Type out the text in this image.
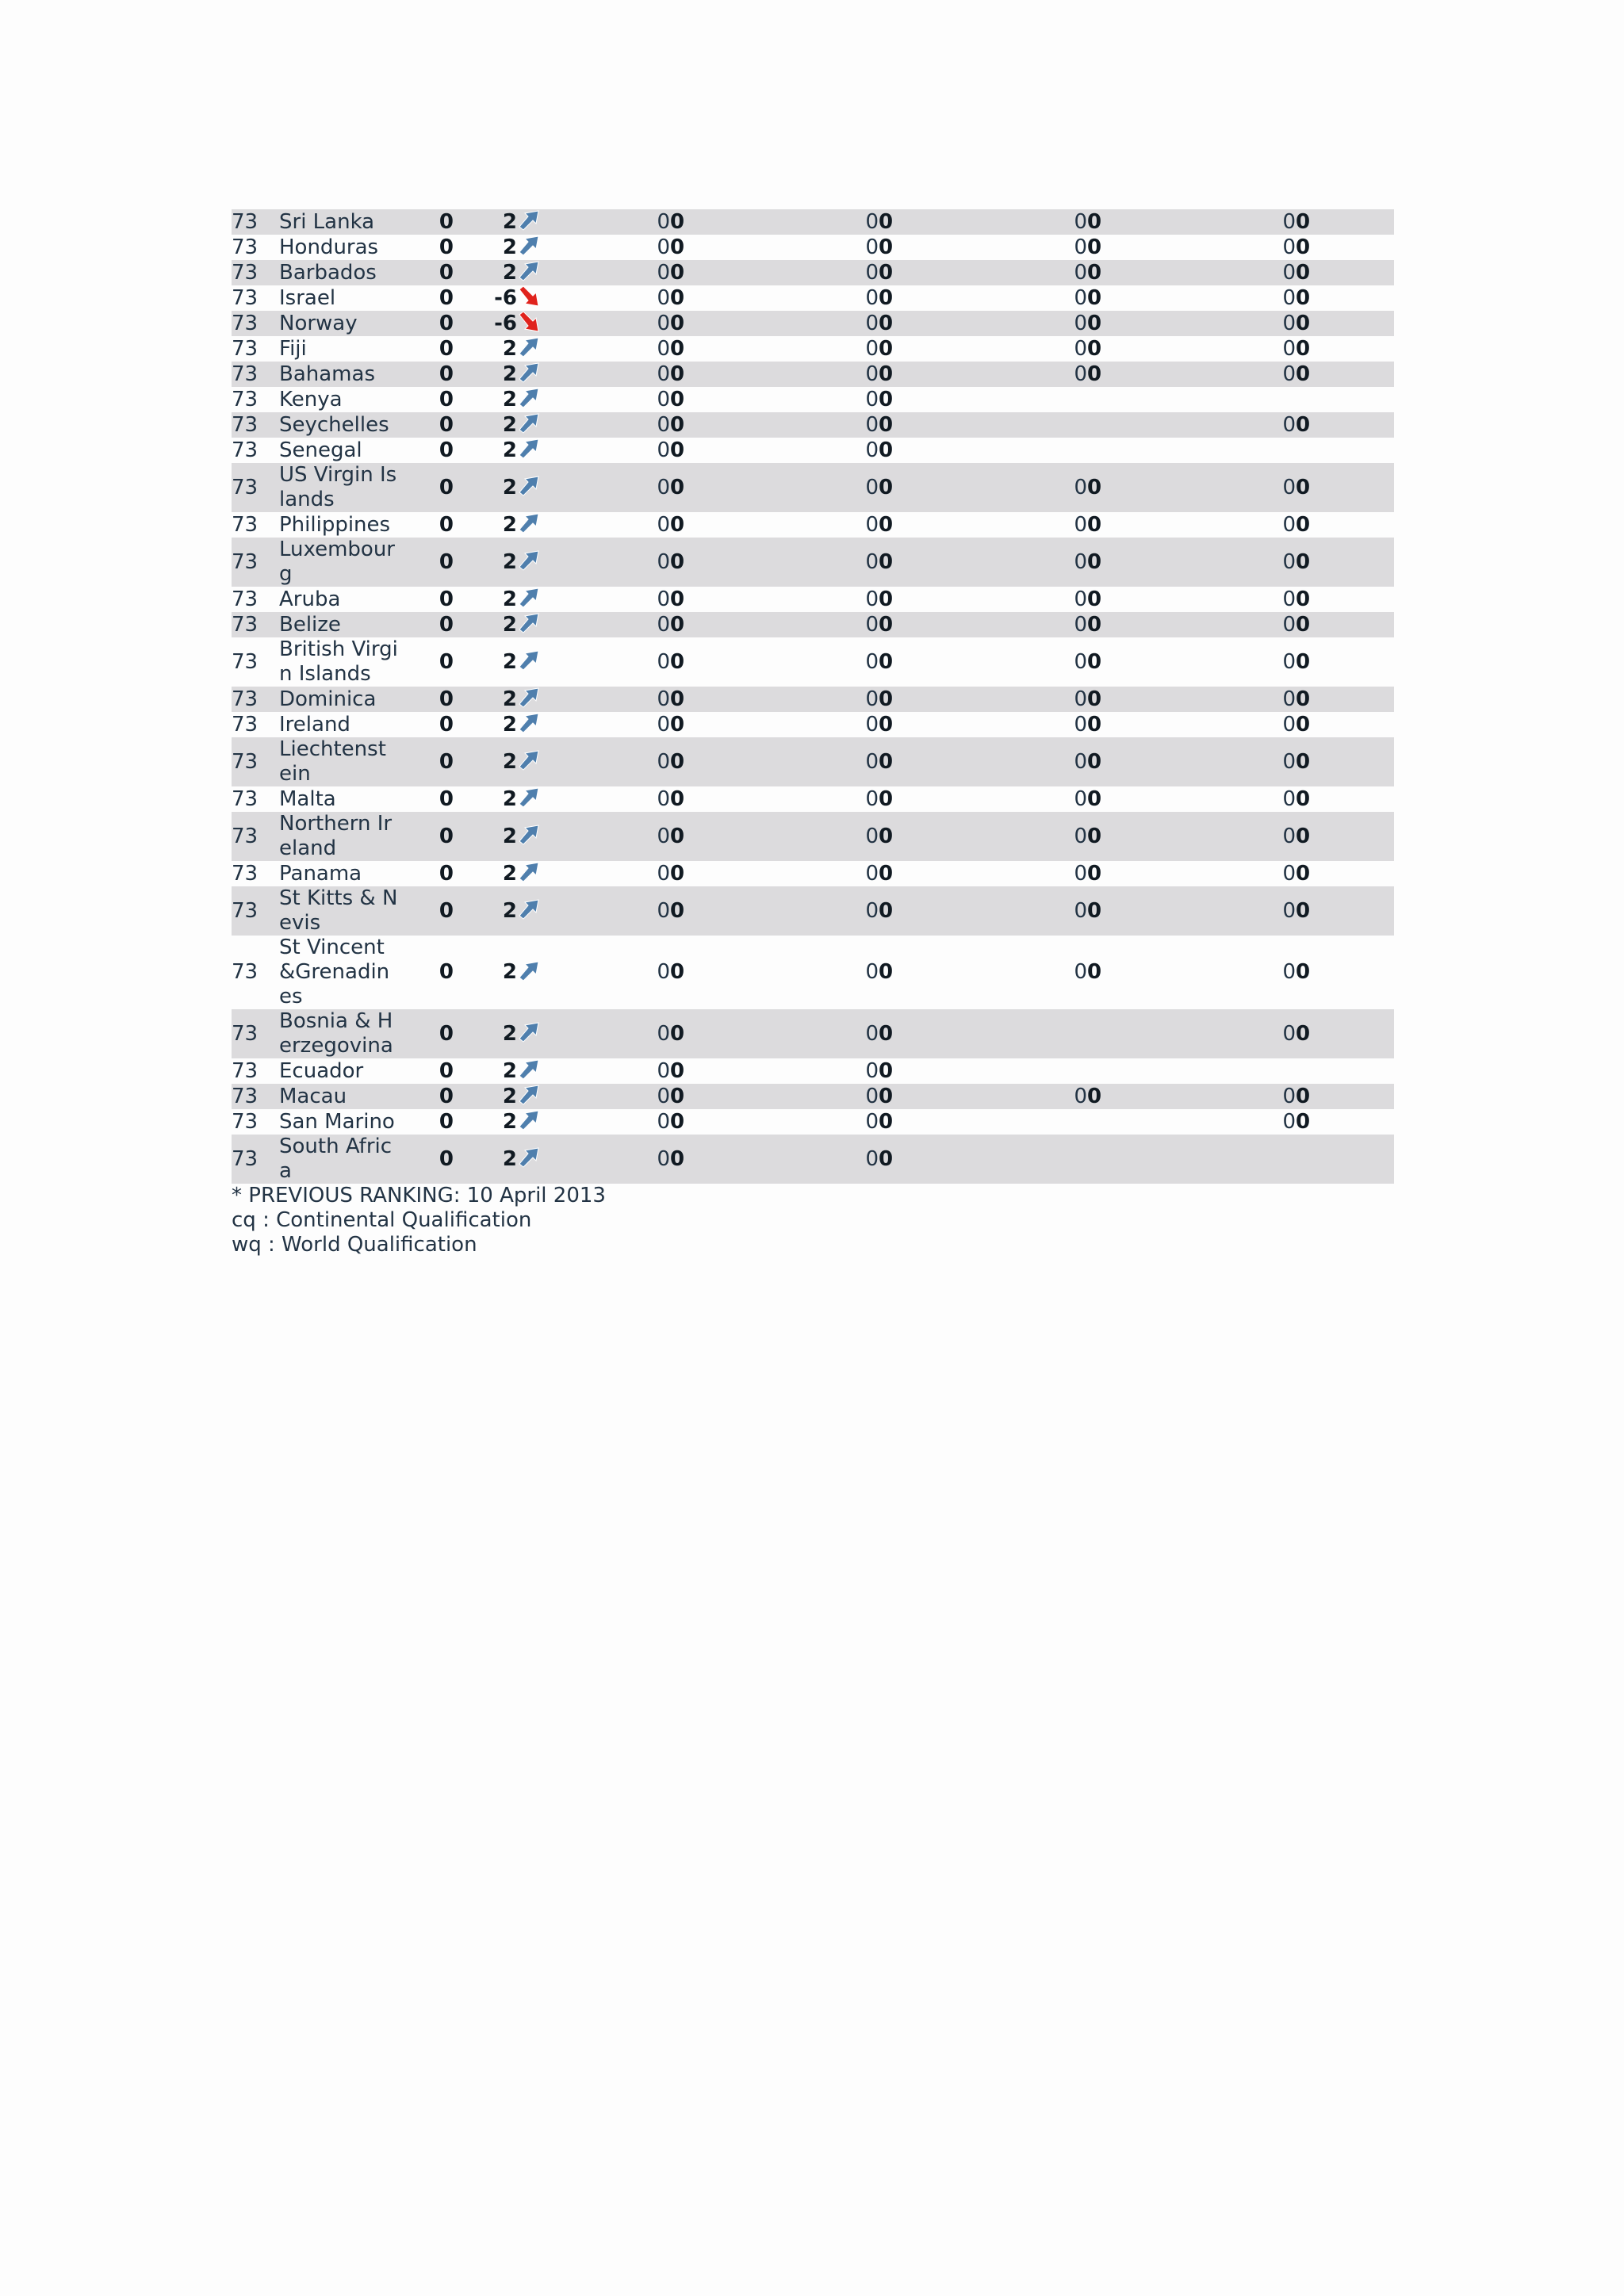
73	Sri Lanka	0	2		0	0	0	0	0	0	0	0
73	Honduras	0	2		0	0	0	0	0	0	0	0
73	Barbados	0	2		0	0	0	0	0	0	0	0
73	Israel	0	-6		0	0	0	0	0	0	0	0
73	Norway	0	-6		0	0	0	0	0	0	0	0
73	Fiji	0	2		0	0	0	0	0	0	0	0
73	Bahamas	0	2		0	0	0	0	0	0	0	0
73	Kenya	0	2		0	0	0	0				
73	Seychelles	0	2		0	0	0	0			0	0
73	Senegal	0	2		0	0	0	0				
73	US Virgin Islands	0	2		0	0	0	0	0	0	0	0
73	Philippines	0	2		0	0	0	0	0	0	0	0
73	Luxembourg	0	2		0	0	0	0	0	0	0	0
73	Aruba	0	2		0	0	0	0	0	0	0	0
73	Belize	0	2		0	0	0	0	0	0	0	0
73	British Virgin Islands	0	2		0	0	0	0	0	0	0	0
73	Dominica	0	2		0	0	0	0	0	0	0	0
73	Ireland	0	2		0	0	0	0	0	0	0	0
73	Liechtenstein	0	2		0	0	0	0	0	0	0	0
73	Malta	0	2		0	0	0	0	0	0	0	0
73	Northern Ireland	0	2		0	0	0	0	0	0	0	0
73	Panama	0	2		0	0	0	0	0	0	0	0
73	St Kitts & Nevis	0	2		0	0	0	0	0	0	0	0
73	St Vincent &Grenadines	0	2		0	0	0	0	0	0	0	0
73	Bosnia & Herzegovina	0	2		0	0	0	0			0	0
73	Ecuador	0	2		0	0	0	0				
73	Macau	0	2		0	0	0	0	0	0	0	0
73	San Marino	0	2		0	0	0	0			0	0
73	South Africa	0	2		0	0	0	0				
* PREVIOUS RANKING: 10 April 2013
cq : Continental Qualification
wq : World Qualification
